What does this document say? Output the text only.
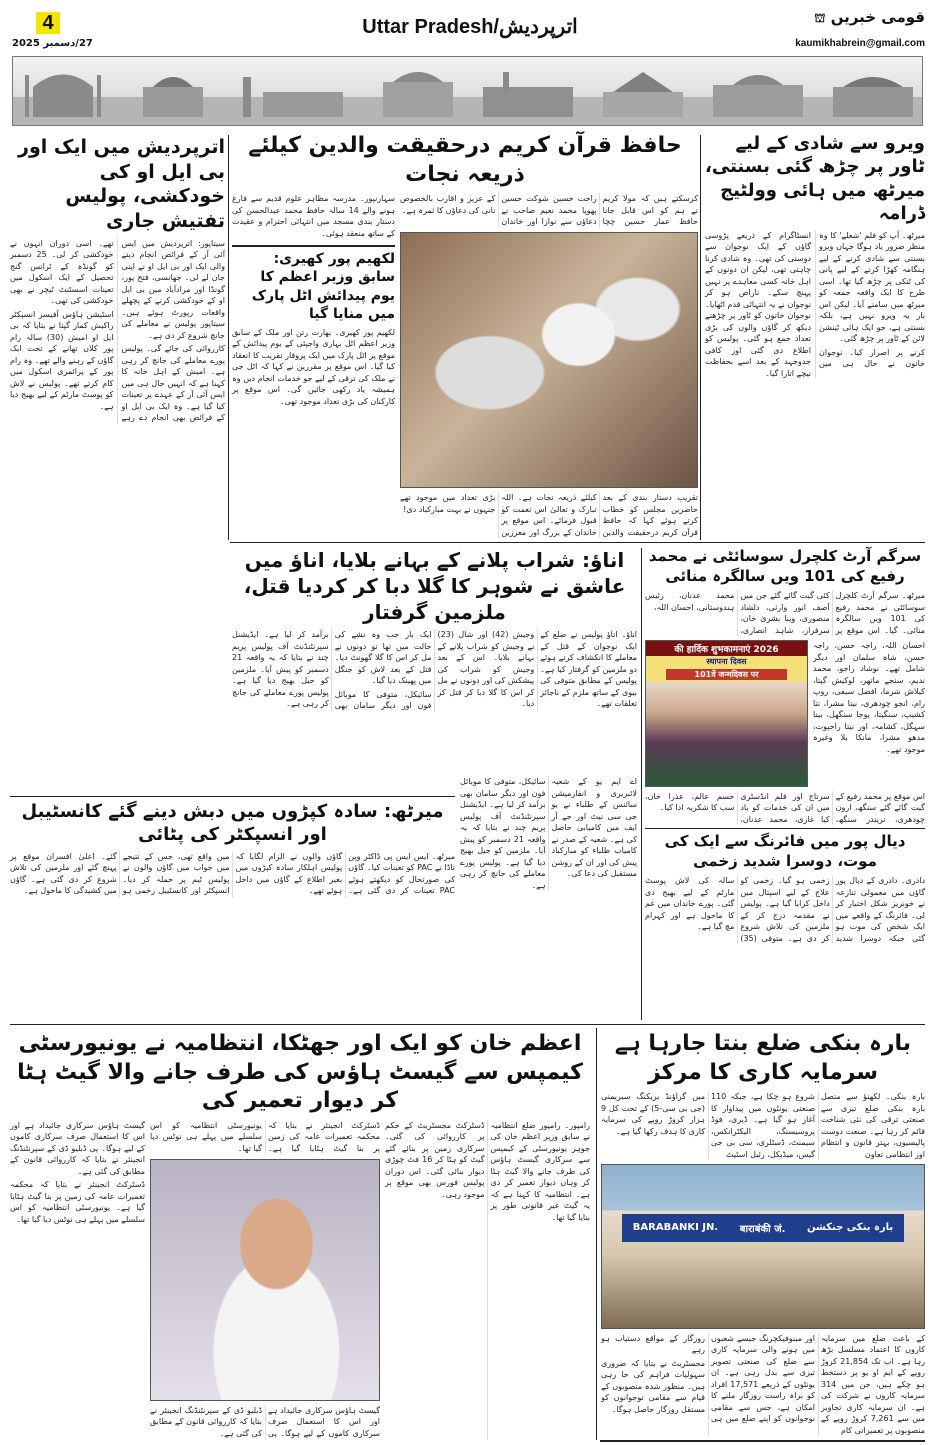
4
27/دسمبر 2025
Uttar Pradesh/اترپردیش	قومی خبریں ⛫
kaumikhabrein@gmail.com
ویرو سے شادی کے لیے ٹاور پر چڑھ گئی بسنتی، میرٹھ میں ہائی وولٹیج ڈرامہ

میرٹھ۔ آپ کو فلم 'شعلے' کا وہ منظر ضرور یاد ہوگا جہاں ویرو بسنتی سے شادی کرنے کے لیے ہنگامہ کھڑا کرنے کے لیے پانی کی ٹنکی پر چڑھ گیا تھا۔ اسی طرح کا ایک واقعہ جمعہ کو میرٹھ میں سامنے آیا۔ لیکن اس بار یہ ویرو نہیں ہے، بلکہ بسنتی ہے، جو ایک ہائی ٹینشن لائن کے ٹاور پر چڑھ گئی۔

کرنے پر اصرار کیا۔ نوجوان خاتون نے حال ہی میں انسٹاگرام کے ذریعے پڑوسی گاؤں کے ایک نوجوان سے دوستی کی تھی۔ وہ شادی کرنا چاہتی تھی، لیکن ان دونوں کے اہل خانہ کسی معاہدے پر نہیں پہنچ سکے۔ ناراض ہو کر نوجوان نے یہ انتہائی قدم اٹھایا۔ نوجوان خاتون کو ٹاور پر چڑھتے دیکھ کر گاؤں والوں کی بڑی تعداد جمع ہو گئی۔ پولیس کو اطلاع دی گئی اور کافی جدوجہد کے بعد اسے بحفاظت نیچے اتارا گیا۔

حافظ قرآن کریم درحقیقت والدین کیلئے ذریعہ نجات

کرسکتے ہیں کہ مولا کریم نے ہم کو اس قابل جانا حافظ عمار حسین چچا راحت حسین شوکت حسین پھوپا محمد نعیم صاحب نے دعاؤں سے نوازا اور خاندان کے عزیز و اقارب بالخصوص نانی کی دعاؤں کا ثمرہ ہے۔

تقریب دستار بندی کے بعد حاضرین مجلس کو خطاب کرتے ہوئے کہا کہ حافظ قرآن کریم درحقیقت والدین کیلئے ذریعہ نجات ہے۔ اللہ تبارک و تعالیٰ اس نعمت کو قبول فرمائے۔ اس موقع پر خاندان کے بزرگ اور معززین بڑی تعداد میں موجود تھے جنہوں نے بہت مبارکباد دی!

سہارنپور۔ مدرسہ مظاہر علوم قدیم سے فارغ ہونے والے 14 سالہ حافظ محمد عبدالحسن کی دستار بندی مسجد میں انتہائی احترام و عقیدت کے ساتھ منعقد ہوئی۔

لکھیم پور کھیری: سابق وزیر اعظم کا یوم پیدائش اٹل پارک میں منایا گیا

لکھیم پور کھیری۔ بھارت رتن اور ملک کے سابق وزیر اعظم اٹل بہاری واجپئی کے یوم پیدائش کے موقع پر اٹل پارک میں ایک پروقار تقریب کا انعقاد کیا گیا۔ اس موقع پر مقررین نے کہا کہ اٹل جی نے ملک کی ترقی کے لیے جو خدمات انجام دیں وہ ہمیشہ یاد رکھی جائیں گی۔ اس موقع پر کارکنان کی بڑی تعداد موجود تھی۔

اترپردیش میں ایک اور بی ایل او کی خودکشی، پولیس تفتیش جاری

سیتاپور: اترپردیش میں ایس آئی آر کے فرائض انجام دینے والی ایک اور بی ایل او نے اپنی جان لے لی۔ جھانسی، فتح پور، گونڈا اور مرادآباد میں بی ایل او کے خودکشی کرنے کے پچھلے واقعات رپورٹ ہوئے ہیں۔ سیتاپور پولیس نے معاملے کی جانچ شروع کر دی ہے۔

کارروائی کی جائے گی۔ پولیس پورے معاملے کی جانچ کر رہی ہے۔ امیش کے اہل خانہ کا کہنا ہے کہ انہیں حال ہی میں ایس آئی آر کے عہدے پر تعینات کیا گیا ہے۔ وہ ایک بی ایل او کے فرائض بھی انجام دے رہے تھے۔ اسی دوران انہوں نے خودکشی کر لی۔ 25 دسمبر کو گونڈہ کے ٹرانس گنج تحصیل کے ایک اسکول میں تعینات اسسٹنٹ ٹیچر نے بھی خودکشی کی تھی۔

اسٹیشن ہاؤس آفیسر انسپکٹر راکیش کمار گپتا نے بتایا کہ بی ایل او امیش (30) سالہ رام پور کلاں تھانے کے تحت ایک گاؤں کے رہنے والے تھے۔ وہ رام پور کے پرائمری اسکول میں کام کرتے تھے۔ پولیس نے لاش کو پوسٹ مارٹم کے لیے بھیج دیا ہے۔

سرگم آرٹ کلچرل سوسائٹی نے محمد رفیع کی 101 ویں سالگرہ منائی

میرٹھ۔ سرگم آرٹ کلچرل سوسائٹی نے محمد رفیع کی 101 ویں سالگرہ منائی۔ گیا۔ اس موقع پر کئی گیت گائے گئے جن میں آصف انور وارثی، دلشاد منصوری، وینا بشریٰ خان، سرفراز، شاہد انصاری، محمد عدنان، رئیس ہندوستانی، احسان اللہ،

2026 की हार्दिक शुभकामनाएं
स्थापना दिवस
101वें जन्मदिवस पर

احسان اللہ، راجہ حسن، راجہ حسن، شاہ سلمان اور دیگر شامل تھے۔ نوشاد راجو، محمد ندیم، سنجے ماتھر، لوکیش گپتا، کیلاش شرما، افضل سیفی، روپ رام، انجو چودھری، نیتا مشرا، نتا کشیپ، سنگیتا، پوجا سنگھل، بینا سہگل، کشامہ، اور نیتا راجپوت، مدھو مشرا، مانکا بلا وغیرہ موجود تھے۔

اس موقع پر محمد رفیع کے گیت گائے گئے سنگھ، ارون چودھری، نریندر سنگھ، سرتاج اور فلم انڈسٹری میں ان کی خدمات کو یاد کیا غازی، محمد عدنان، حسم عالم، عذرا خان، سب کا شکریہ ادا کیا۔

اناؤ: شراب پلانے کے بہانے بلایا، اناؤ میں عاشق نے شوہر کا گلا دبا کر کردیا قتل، ملزمین گرفتار

اناؤ۔ اناؤ پولیس نے ضلع کے ایک نوجوان کے قتل کے معاملے کا انکشاف کرتے ہوئے دو ملزمین کو گرفتار کیا ہے۔ پولیس کے مطابق متوفی کی بیوی کے ساتھ ملزم کے ناجائز تعلقات تھے۔

وجیش (42) اور شال (23) نے وجیش کو شراب پلانے کے بہانے بلایا۔ اس کے بعد وجیش کو شراب کی پیشکش کی اور دونوں نے مل کر اس کا گلا دبا کر قتل کر دیا۔

ایک بار جب وہ نشے کی حالت میں تھا تو دونوں نے مل کر اس کا گلا گھونٹ دیا۔ قتل کے بعد لاش کو جنگل میں پھینک دیا گیا۔

سائیکل، متوفی کا موبائل فون اور دیگر سامان بھی برآمد کر لیا ہے۔ ایڈیشنل سپرنٹنڈنٹ آف پولیس پریم چند نے بتایا کہ یہ واقعہ 21 دسمبر کو پیش آیا۔ ملزمین کو جیل بھیج دیا گیا ہے۔ پولیس پورے معاملے کی جانچ کر رہی ہے۔

میرٹھ: سادہ کپڑوں میں دبش دینے گئے کانسٹیبل اور انسپکٹر کی پٹائی

میرٹھ۔ ایس ایس پی ڈاکٹر وپن تاڈا نے PAC کو تعینات کیا۔ گاؤں کی صورتحال کو دیکھتے ہوئے PAC تعینات کر دی گئی ہے۔ گاؤں والوں نے الزام لگایا کہ پولیس اہلکار سادہ کپڑوں میں بغیر اطلاع کے گاؤں میں داخل ہوئے تھے۔

میں واقع تھی، جس کے نتیجے میں جواب میں گاؤں والوں نے پولیس ٹیم پر حملہ کر دیا۔ انسپکٹر اور کانسٹیبل زخمی ہو گئے۔ اعلیٰ افسران موقع پر پہنچ گئے اور ملزمین کی تلاش شروع کر دی گئی ہے۔ گاؤں میں کشیدگی کا ماحول ہے۔

اے ایم یو کے شعبہ لائبریری و انفارمیشن سائنس کے طلباء نے یو جی سی نیٹ اور جے آر ایف میں کامیابی حاصل کی ہے۔ شعبہ کے صدر نے کامیاب طلباء کو مبارکباد پیش کی اور ان کے روشن مستقبل کی دعا کی۔

سائیکل، متوفی کا موبائل فون اور دیگر سامان بھی برآمد کر لیا ہے۔ ایڈیشنل سپرنٹنڈنٹ آف پولیس پریم چند نے بتایا کہ یہ واقعہ 21 دسمبر کو پیش آیا۔ ملزمین کو جیل بھیج دیا گیا ہے۔ پولیس پورے معاملے کی جانچ کر رہی ہے۔

دیال پور میں فائرنگ سے ایک کی موت، دوسرا شدید زخمی

دادری۔ دادری کے دیال پور گاؤں میں معمولی تنازعہ نے خونریز شکل اختیار کر لی۔ فائرنگ کے واقعے میں ایک شخص کی موت ہو گئی جبکہ دوسرا شدید زخمی ہو گیا۔ زخمی کو علاج کے لیے اسپتال میں داخل کرایا گیا ہے۔ پولیس نے مقدمہ درج کر کے ملزمین کی تلاش شروع کر دی ہے۔ متوفی (35) سالہ کی لاش پوسٹ مارٹم کے لیے بھیج دی گئی۔ پورے خاندان میں غم کا ماحول ہے اور کہرام مچ گیا ہے۔

اعظم خان کو ایک اور جھٹکا، انتظامیہ نے یونیورسٹی کیمپس سے گیسٹ ہاؤس کی طرف جانے والا گیٹ ہٹا کر دیوار تعمیر کی

رامپور۔ رامپور ضلع انتظامیہ نے سابق وزیر اعظم خان کی جوہر یونیورسٹی کے کیمپس سے سرکاری گیسٹ ہاؤس کی طرف جانے والا گیٹ ہٹا کر وہاں دیوار تعمیر کر دی ہے۔ انتظامیہ کا کہنا ہے کہ یہ گیٹ غیر قانونی طور پر بنایا گیا تھا۔

ڈسٹرکٹ مجسٹریٹ کے حکم پر کارروائی کی گئی۔ سرکاری زمین پر بنائے گئے گیٹ کو ہٹا کر 16 فٹ چوڑی دیوار بنائی گئی۔ اس دوران پولیس فورس بھی موقع پر موجود رہی۔

ڈسٹرکٹ انجینئر نے بتایا کہ محکمہ تعمیرات عامہ کی زمین پر بنا گیٹ ہٹایا گیا ہے۔ یونیورسٹی انتظامیہ کو اس سلسلے میں پہلے ہی نوٹس دیا گیا تھا۔

گیسٹ ہاؤس سرکاری جائیداد ہے اور اس کا استعمال صرف سرکاری کاموں کے لیے ہوگا۔ پی ڈبلیو ڈی کے سپرنٹنڈنگ انجینئر نے بتایا کہ کارروائی قانون کے مطابق کی گئی ہے۔

گیسٹ ہاؤس سرکاری جائیداد ہے اور اس کا استعمال صرف سرکاری کاموں کے لیے ہوگا۔ پی ڈبلیو ڈی کے سپرنٹنڈنگ انجینئر نے بتایا کہ کارروائی قانون کے مطابق کی گئی ہے۔

ڈسٹرکٹ انجینئر نے بتایا کہ محکمہ تعمیرات عامہ کی زمین پر بنا گیٹ ہٹایا گیا ہے۔ یونیورسٹی انتظامیہ کو اس سلسلے میں پہلے ہی نوٹس دیا گیا تھا۔

بارہ بنکی ضلع بنتا جارہا ہے سرمایہ کاری کا مرکز

بارہ بنکی۔ لکھنؤ سے متصل بارہ بنکی ضلع تیزی سے صنعتی ترقی کی نئی شناخت قائم کر رہا ہے۔ صنعت دوست پالیسیوں، بہتر قانون و انتظام اور انتظامی تعاون

شروع ہو چکا ہے، جبکہ 110 صنعتی یونٹوں میں پیداوار کا آغاز ہو گیا ہے۔ ڈیری، فوڈ پروسیسنگ، الیکٹرانکس، سیمنٹ، ڈسٹلری، سی بی جی گیس، میڈیکل، رئیل اسٹیٹ

میں گراؤنڈ بریکنگ سیریمنی (جی بی سی-5) کے تحت کل 9 ہزار کروڑ روپے کی سرمایہ کاری کا ہدف رکھا گیا ہے۔

BARABANKI JN. बाराबंकी जं. بارہ بنکی جنکشن

کے باعث ضلع میں سرمایہ کاروں کا اعتماد مسلسل بڑھ رہا ہے۔ اب تک 21,854 کروڑ روپے کے ایم او یو پر دستخط ہو چکے ہیں، جن میں 314 سرمایہ کاروں نے شرکت کی ہے۔ ان سرمایہ کاری تجاویز میں سے 7,261 کروڑ روپے کے منصوبوں پر تعمیراتی کام

اور مینوفیکچرنگ جیسے شعبوں میں ہونے والی سرمایہ کاری سے ضلع کی صنعتی تصویر تیزی سے بدل رہی ہے۔ ان یونٹوں کے ذریعے 17,571 افراد کو براہ راست روزگار ملنے کا امکان ہے، جس سے مقامی نوجوانوں کو اپنے ضلع میں ہی روزگار کے مواقع دستیاب ہو رہے

مجسٹریٹ نے بتایا کہ ضروری سہولیات فراہم کی جا رہی ہیں۔ منظور شدہ منصوبوں کے قیام سے مقامی نوجوانوں کو مستقل روزگار حاصل ہوگا۔
